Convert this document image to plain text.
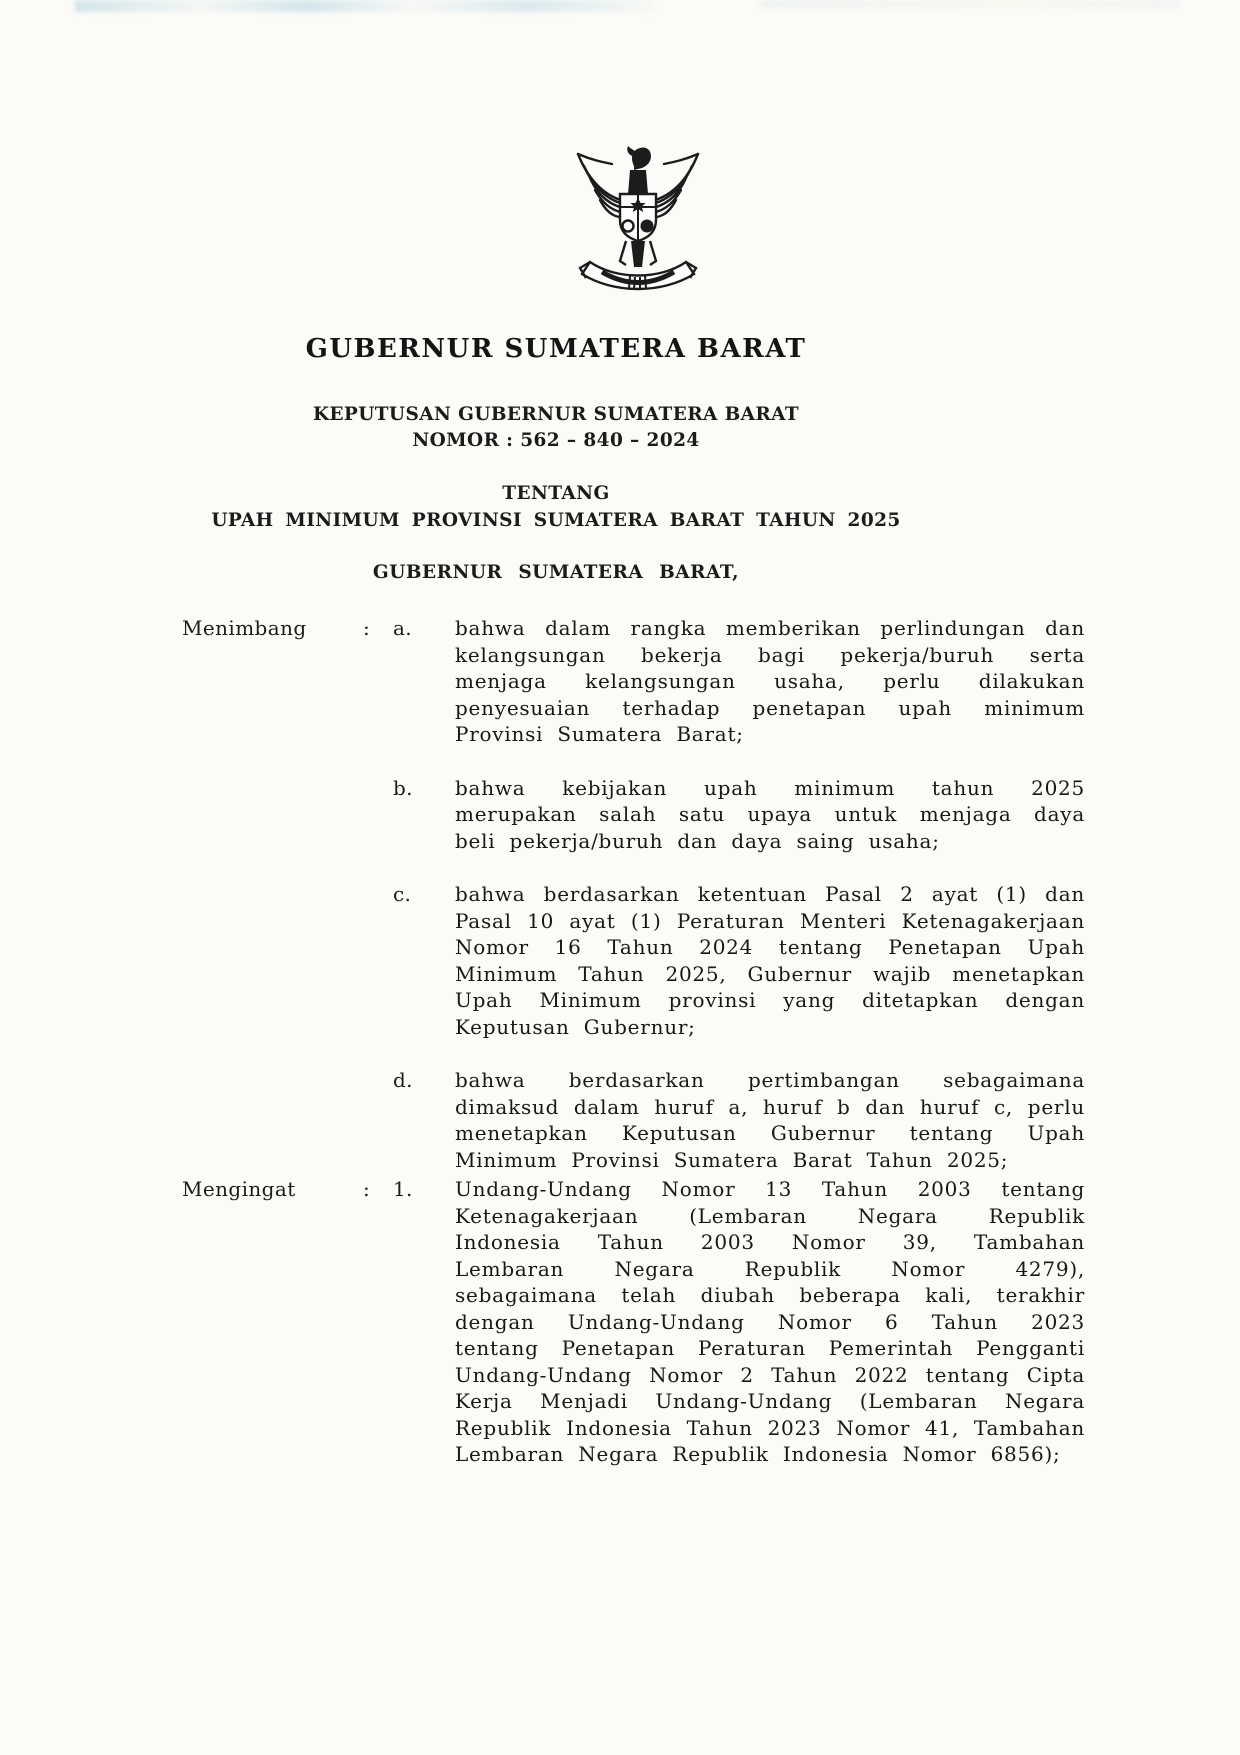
GUBERNUR SUMATERA BARAT
KEPUTUSAN GUBERNUR SUMATERA BARAT
NOMOR : 562 – 840 – 2024
TENTANG
UPAH MINIMUM PROVINSI SUMATERA BARAT TAHUN 2025
GUBERNUR SUMATERA BARAT,
Menimbang	:	a.	bahwa dalam rangka memberikan perlindungan dan kelangsungan bekerja bagi pekerja/buruh serta menjaga kelangsungan usaha, perlu dilakukan penyesuaian terhadap penetapan upah minimum Provinsi Sumatera Barat;
b.	bahwa kebijakan upah minimum tahun 2025 merupakan salah satu upaya untuk menjaga daya beli pekerja/buruh dan daya saing usaha;
c.	bahwa berdasarkan ketentuan Pasal 2 ayat (1) dan Pasal 10 ayat (1) Peraturan Menteri Ketenagakerjaan Nomor 16 Tahun 2024 tentang Penetapan Upah Minimum Tahun 2025, Gubernur wajib menetapkan Upah Minimum provinsi yang ditetapkan dengan Keputusan Gubernur;
d.	bahwa berdasarkan pertimbangan sebagaimana dimaksud dalam huruf a, huruf b dan huruf c, perlu menetapkan Keputusan Gubernur tentang Upah Minimum Provinsi Sumatera Barat Tahun 2025;
Mengingat	:	1.	Undang-Undang Nomor 13 Tahun 2003 tentang Ketenagakerjaan (Lembaran Negara Republik Indonesia Tahun 2003 Nomor 39, Tambahan Lembaran Negara Republik Nomor 4279), sebagaimana telah diubah beberapa kali, terakhir dengan Undang-Undang Nomor 6 Tahun 2023 tentang Penetapan Peraturan Pemerintah Pengganti Undang-Undang Nomor 2 Tahun 2022 tentang Cipta Kerja Menjadi Undang-Undang (Lembaran Negara Republik Indonesia Tahun 2023 Nomor 41, Tambahan Lembaran Negara Republik Indonesia Nomor 6856);
